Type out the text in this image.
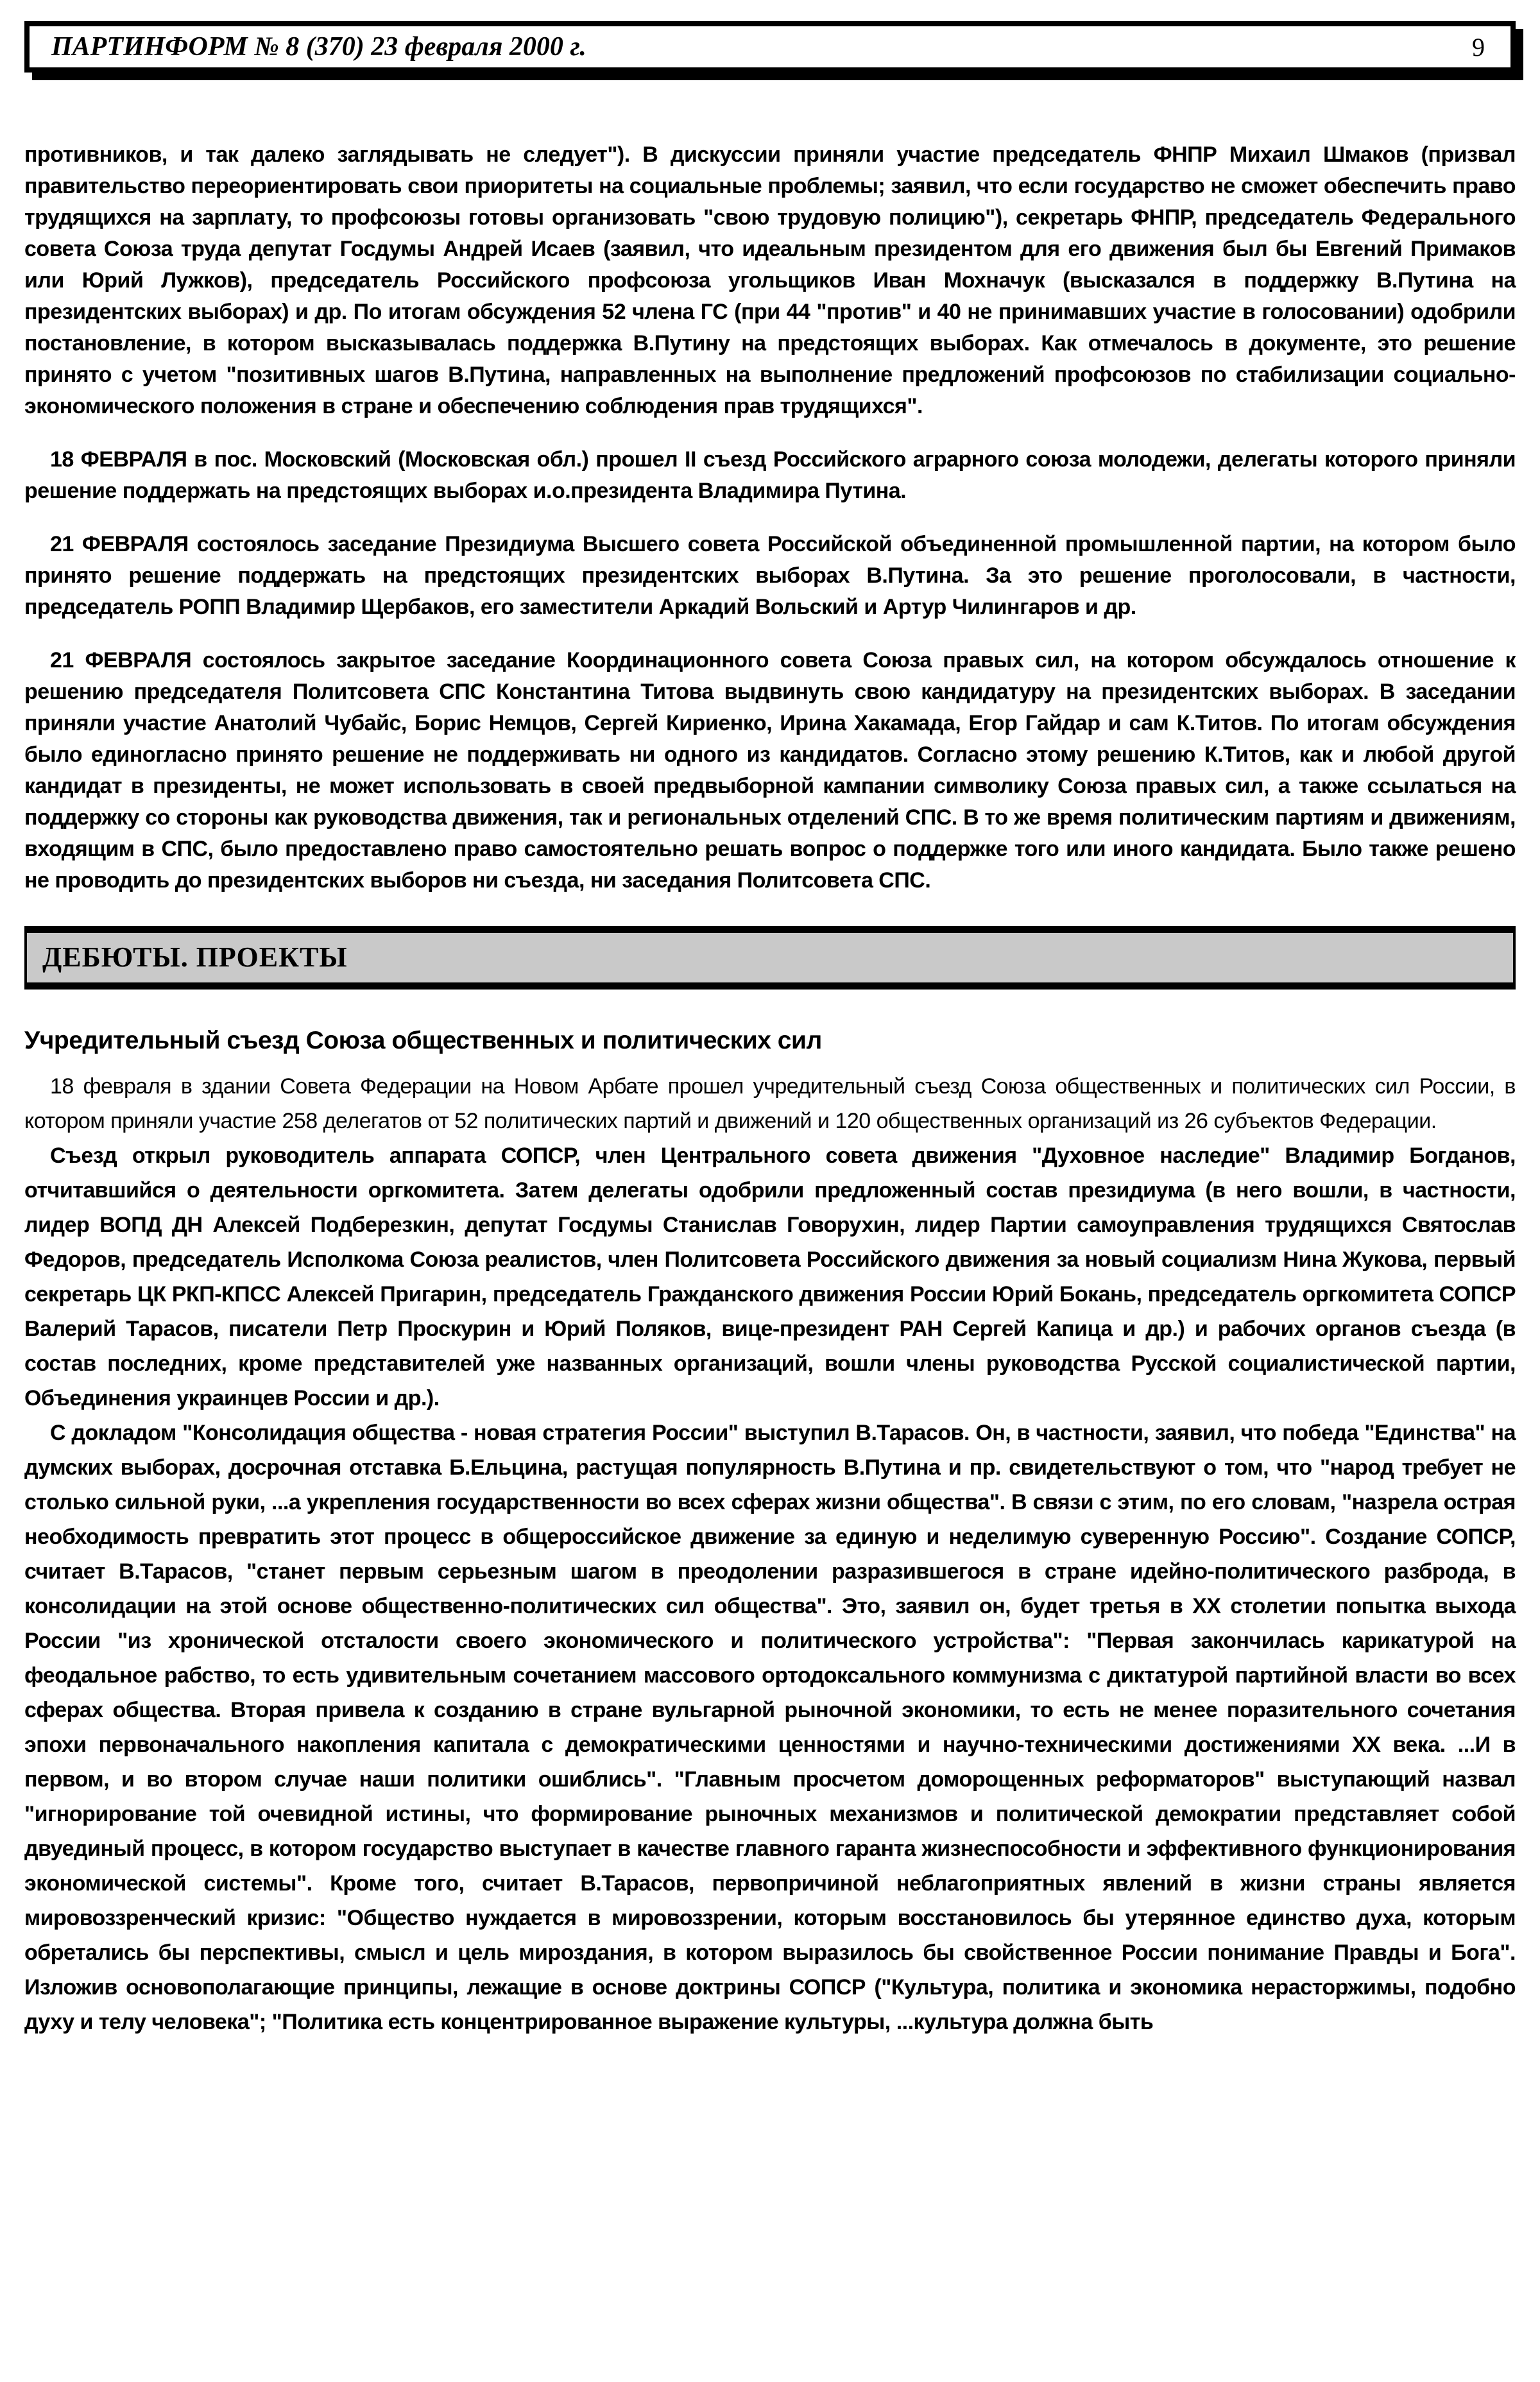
ПАРТИНФОРМ № 8 (370) 23 февраля 2000 г.	9

противников, и так далеко заглядывать не следует"). В дискуссии приняли участие председатель ФНПР Михаил Шмаков (призвал правительство переориентировать свои приоритеты на социальные проблемы; заявил, что если государство не сможет обеспечить право трудящихся на зарплату, то профсоюзы готовы организовать "свою трудовую полицию"), секретарь ФНПР, председатель Федерального совета Союза труда депутат Госдумы Андрей Исаев (заявил, что идеальным президентом для его движения был бы Евгений Примаков или Юрий Лужков), председатель Российского профсоюза угольщиков Иван Мохначук (высказался в поддержку В.Путина на президентских выборах) и др. По итогам обсуждения 52 члена ГС (при 44 "против" и 40 не принимавших участие в голосовании) одобрили постановление, в котором высказывалась поддержка В.Путину на предстоящих выборах. Как отмечалось в документе, это решение принято с учетом "позитивных шагов В.Путина, направленных на выполнение предложений профсоюзов по стабилизации социально-экономического положения в стране и обеспечению соблюдения прав трудящихся".

18 ФЕВРАЛЯ в пос. Московский (Московская обл.) прошел II съезд Российского аграрного союза молодежи, делегаты которого приняли решение поддержать на предстоящих выборах и.о.президента Владимира Путина.

21 ФЕВРАЛЯ состоялось заседание Президиума Высшего совета Российской объединенной промышленной партии, на котором было принято решение поддержать на предстоящих президентских выборах В.Путина. За это решение проголосовали, в частности, председатель РОПП Владимир Щербаков, его заместители Аркадий Вольский и Артур Чилингаров и др.

21 ФЕВРАЛЯ состоялось закрытое заседание Координационного совета Союза правых сил, на котором обсуждалось отношение к решению председателя Политсовета СПС Константина Титова выдвинуть свою кандидатуру на президентских выборах. В заседании приняли участие Анатолий Чубайс, Борис Немцов, Сергей Кириенко, Ирина Хакамада, Егор Гайдар и сам К.Титов. По итогам обсуждения было единогласно принято решение не поддерживать ни одного из кандидатов. Согласно этому решению К.Титов, как и любой другой кандидат в президенты, не может использовать в своей предвыборной кампании символику Союза правых сил, а также ссылаться на поддержку со стороны как руководства движения, так и региональных отделений СПС. В то же время политическим партиям и движениям, входящим в СПС, было предоставлено право самостоятельно решать вопрос о поддержке того или иного кандидата. Было также решено не проводить до президентских выборов ни съезда, ни заседания Политсовета СПС.

ДЕБЮТЫ. ПРОЕКТЫ
Учредительный съезд Союза общественных и политических сил

18 февраля в здании Совета Федерации на Новом Арбате прошел учредительный съезд Союза общественных и политических сил России, в котором приняли участие 258 делегатов от 52 политических партий и движений и 120 общественных организаций из 26 субъектов Федерации.

Съезд открыл руководитель аппарата СОПСР, член Центрального совета движения "Духовное наследие" Владимир Богданов, отчитавшийся о деятельности оргкомитета. Затем делегаты одобрили предложенный состав президиума (в него вошли, в частности, лидер ВОПД ДН Алексей Подберезкин, депутат Госдумы Станислав Говорухин, лидер Партии самоуправления трудящихся Святослав Федоров, председатель Исполкома Союза реалистов, член Политсовета Российского движения за новый социализм Нина Жукова, первый секретарь ЦК РКП-КПСС Алексей Пригарин, председатель Гражданского движения России Юрий Бокань, председатель оргкомитета СОПСР Валерий Тарасов, писатели Петр Проскурин и Юрий Поляков, вице-президент РАН Сергей Капица и др.) и рабочих органов съезда (в состав последних, кроме представителей уже названных организаций, вошли члены руководства Русской социалистической партии, Объединения украинцев России и др.).

С докладом "Консолидация общества - новая стратегия России" выступил В.Тарасов. Он, в частности, заявил, что победа "Единства" на думских выборах, досрочная отставка Б.Ельцина, растущая популярность В.Путина и пр. свидетельствуют о том, что "народ требует не столько сильной руки, ...а укрепления государственности во всех сферах жизни общества". В связи с этим, по его словам, "назрела острая необходимость превратить этот процесс в общероссийское движение за единую и неделимую суверенную Россию". Создание СОПСР, считает В.Тарасов, "станет первым серьезным шагом в преодолении разразившегося в стране идейно-политического разброда, в консолидации на этой основе общественно-политических сил общества". Это, заявил он, будет третья в XX столетии попытка выхода России "из хронической отсталости своего экономического и политического устройства": "Первая закончилась карикатурой на феодальное рабство, то есть удивительным сочетанием массового ортодоксального коммунизма с диктатурой партийной власти во всех сферах общества. Вторая привела к созданию в стране вульгарной рыночной экономики, то есть не менее поразительного сочетания эпохи первоначального накопления капитала с демократическими ценностями и научно-техническими достижениями XX века. ...И в первом, и во втором случае наши политики ошиблись". "Главным просчетом доморощенных реформаторов" выступающий назвал "игнорирование той очевидной истины, что формирование рыночных механизмов и политической демократии представляет собой двуединый процесс, в котором государство выступает в качестве главного гаранта жизнеспособности и эффективного функционирования экономической системы". Кроме того, считает В.Тарасов, первопричиной неблагоприятных явлений в жизни страны является мировоззренческий кризис: "Общество нуждается в мировоззрении, которым восстановилось бы утерянное единство духа, которым обретались бы перспективы, смысл и цель мироздания, в котором выразилось бы свойственное России понимание Правды и Бога". Изложив основополагающие принципы, лежащие в основе доктрины СОПСР ("Культура, политика и экономика нерасторжимы, подобно духу и телу человека"; "Политика есть концентрированное выражение культуры, ...культура должна быть
